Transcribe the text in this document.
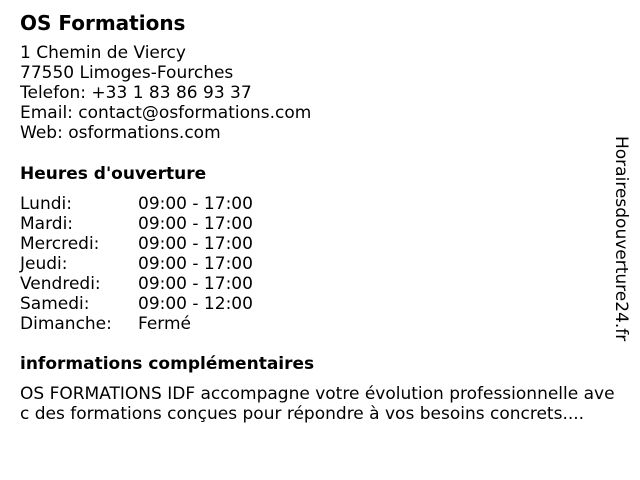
OS Formations
1 Chemin de Viercy
77550 Limoges-Fourches
Telefon: +33 1 83 86 93 37
Email: contact@osformations.com
Web: osformations.com
Heures d'ouverture
Lundi:	09:00 - 17:00
Mardi:	09:00 - 17:00
Mercredi:	09:00 - 17:00
Jeudi:	09:00 - 17:00
Vendredi:	09:00 - 17:00
Samedi:	09:00 - 12:00
Dimanche:	Fermé
informations complémentaires
OS FORMATIONS IDF accompagne votre évolution professionnelle avec des formations conçues pour répondre à vos besoins concrets....
Horairesdouverture24.fr
